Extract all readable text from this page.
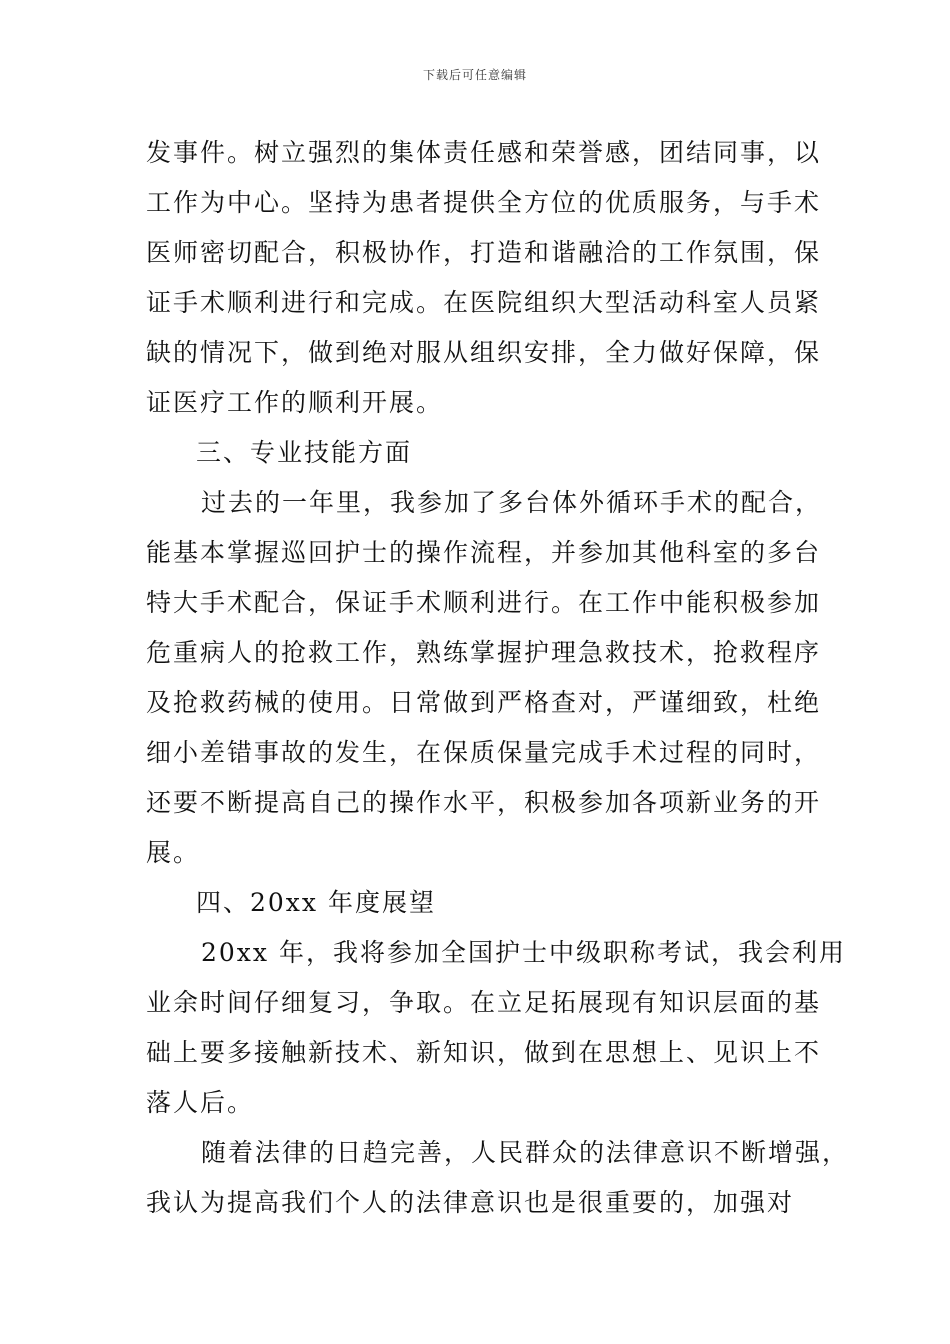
下载后可任意编辑
发事件。树立强烈的集体责任感和荣誉感，团结同事，以
工作为中心。坚持为患者提供全方位的优质服务，与手术
医师密切配合，积极协作，打造和谐融洽的工作氛围，保
证手术顺利进行和完成。在医院组织大型活动科室人员紧
缺的情况下，做到绝对服从组织安排，全力做好保障，保
证医疗工作的顺利开展。
三、专业技能方面
过去的一年里，我参加了多台体外循环手术的配合，
能基本掌握巡回护士的操作流程，并参加其他科室的多台
特大手术配合，保证手术顺利进行。在工作中能积极参加
危重病人的抢救工作，熟练掌握护理急救技术，抢救程序
及抢救药械的使用。日常做到严格查对，严谨细致，杜绝
细小差错事故的发生，在保质保量完成手术过程的同时，
还要不断提高自己的操作水平，积极参加各项新业务的开
展。
四、20xx 年度展望
20xx 年，我将参加全国护士中级职称考试，我会利用
业余时间仔细复习，争取。在立足拓展现有知识层面的基
础上要多接触新技术、新知识，做到在思想上、见识上不
落人后。
随着法律的日趋完善，人民群众的法律意识不断增强，
我认为提高我们个人的法律意识也是很重要的，加强对
